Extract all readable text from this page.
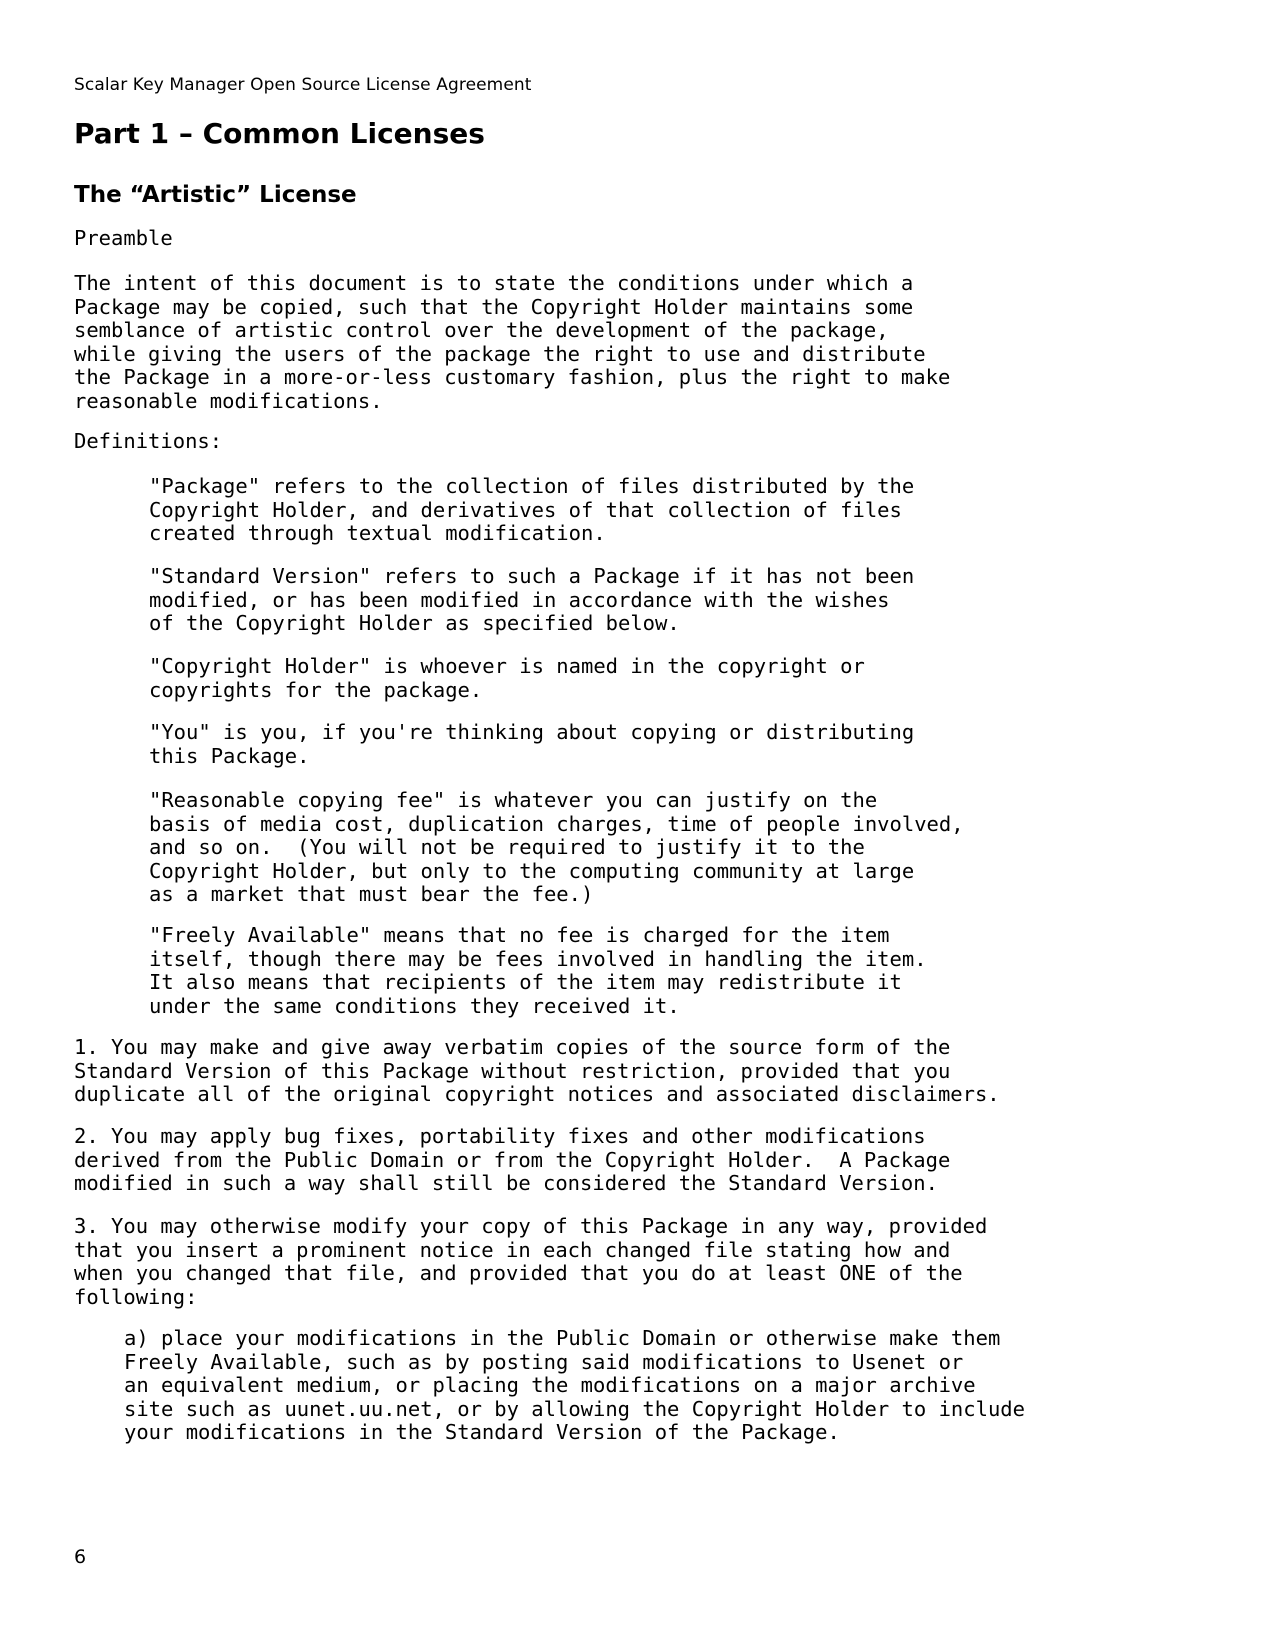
Scalar Key Manager Open Source License Agreement
Part 1 – Common Licenses
The “Artistic” License

Preamble

The intent of this document is to state the conditions under which a
Package may be copied, such that the Copyright Holder maintains some
semblance of artistic control over the development of the package,
while giving the users of the package the right to use and distribute
the Package in a more-or-less customary fashion, plus the right to make
reasonable modifications.

Definitions:

"Package" refers to the collection of files distributed by the
Copyright Holder, and derivatives of that collection of files
created through textual modification.

"Standard Version" refers to such a Package if it has not been
modified, or has been modified in accordance with the wishes
of the Copyright Holder as specified below.

"Copyright Holder" is whoever is named in the copyright or
copyrights for the package.

"You" is you, if you're thinking about copying or distributing
this Package.

"Reasonable copying fee" is whatever you can justify on the
basis of media cost, duplication charges, time of people involved,
and so on.  (You will not be required to justify it to the
Copyright Holder, but only to the computing community at large
as a market that must bear the fee.)

"Freely Available" means that no fee is charged for the item
itself, though there may be fees involved in handling the item.
It also means that recipients of the item may redistribute it
under the same conditions they received it.

1. You may make and give away verbatim copies of the source form of the
Standard Version of this Package without restriction, provided that you
duplicate all of the original copyright notices and associated disclaimers.

2. You may apply bug fixes, portability fixes and other modifications
derived from the Public Domain or from the Copyright Holder.  A Package
modified in such a way shall still be considered the Standard Version.

3. You may otherwise modify your copy of this Package in any way, provided
that you insert a prominent notice in each changed file stating how and
when you changed that file, and provided that you do at least ONE of the
following:

a) place your modifications in the Public Domain or otherwise make them
Freely Available, such as by posting said modifications to Usenet or
an equivalent medium, or placing the modifications on a major archive
site such as uunet.uu.net, or by allowing the Copyright Holder to include
your modifications in the Standard Version of the Package.

6
